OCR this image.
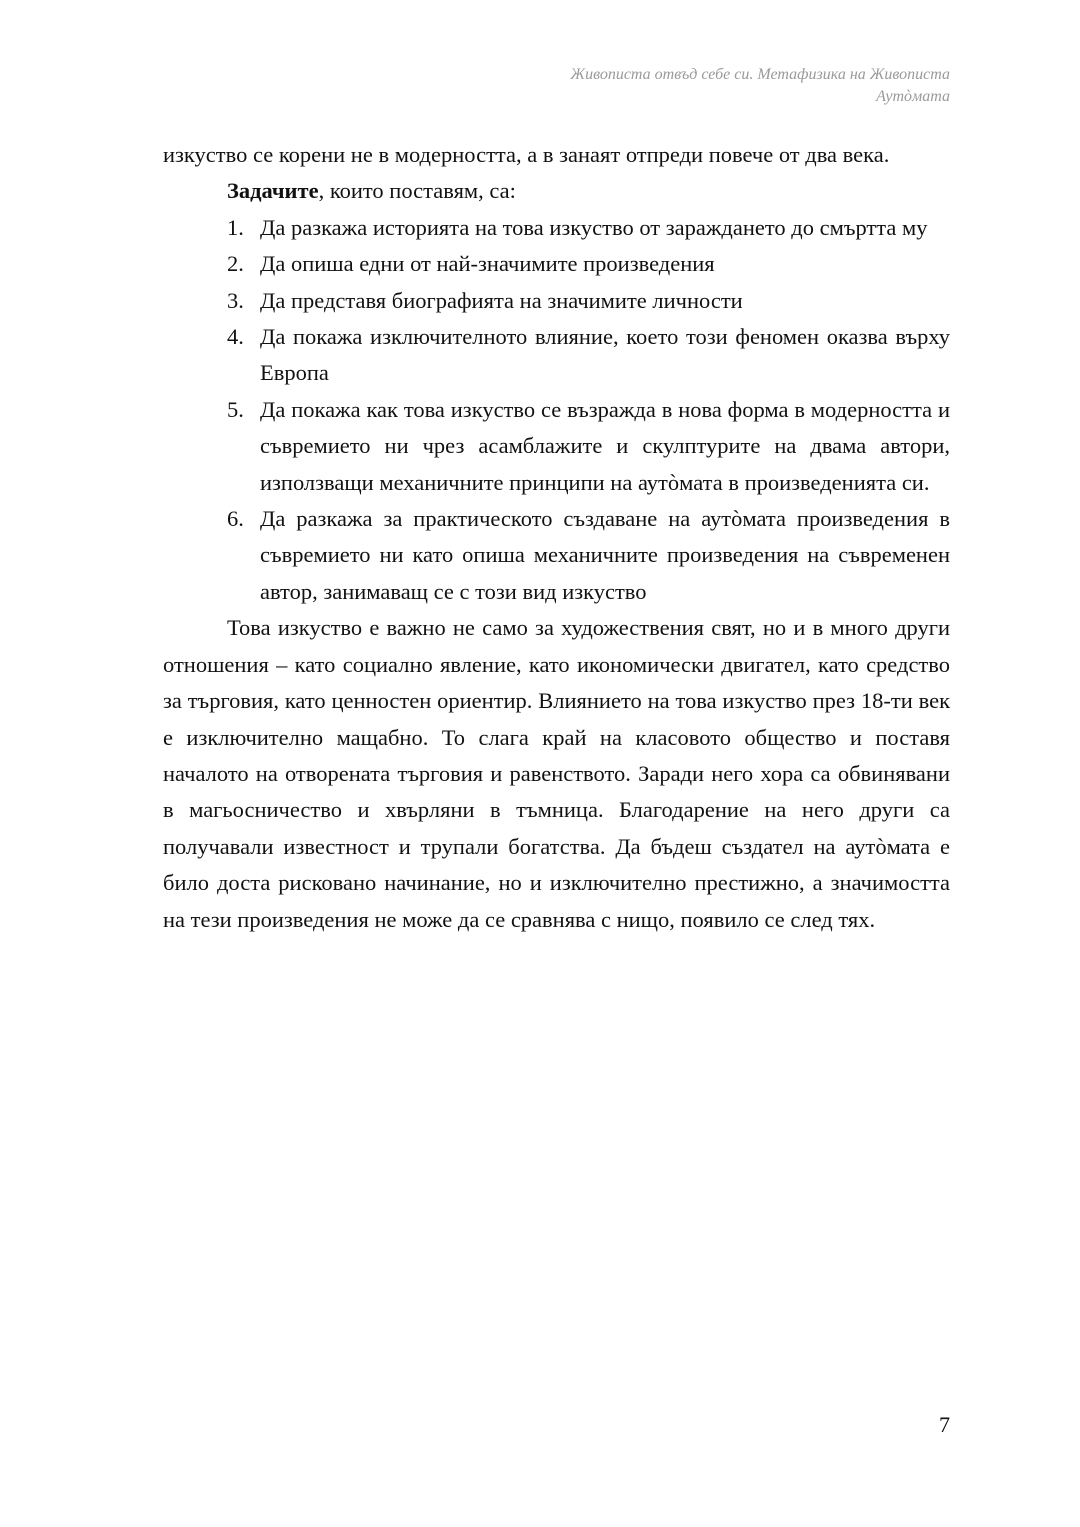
Живописта отвъд себе си. Метафизика на Живописта
Аутòмата

изкуство се корени не в модерността, а в занаят отпреди повече от два века.

Задачите, които поставям, са:

1. Да разкажа историята на това изкуство от зараждането до смъртта му
2. Да опиша едни от най-значимите произведения
3. Да представя биографията на значимите личности
4. Да покажа изключителното влияние, което този феномен оказва върху Европа
5. Да покажа как това изкуство се възражда в нова форма в модерността и съвремието ни чрез асамблажите и скулптурите на двама автори, използващи механичните принципи на аутòмата в произведенията си.
6. Да разкажа за практическото създаване на аутòмата произведения в съвремието ни като опиша механичните произведения на съвременен автор, занимаващ се с този вид изкуство

Това изкуство е важно не само за художествения свят, но и в много други отношения – като социално явление, като икономически двигател, като средство за търговия, като ценностен ориентир. Влиянието на това изкуство през 18-ти век е изключително мащабно. То слага край на класовото общество и поставя началото на отворената търговия и равенството. Заради него хора са обвинявани в магьосничество и хвърляни в тъмница. Благодарение на него други са получавали известност и трупали богатства. Да бъдеш създател на аутòмата е било доста рисковано начинание, но и изключително престижно, а значимостта на тези произведения не може да се сравнява с нищо, появило се след тях.

7
